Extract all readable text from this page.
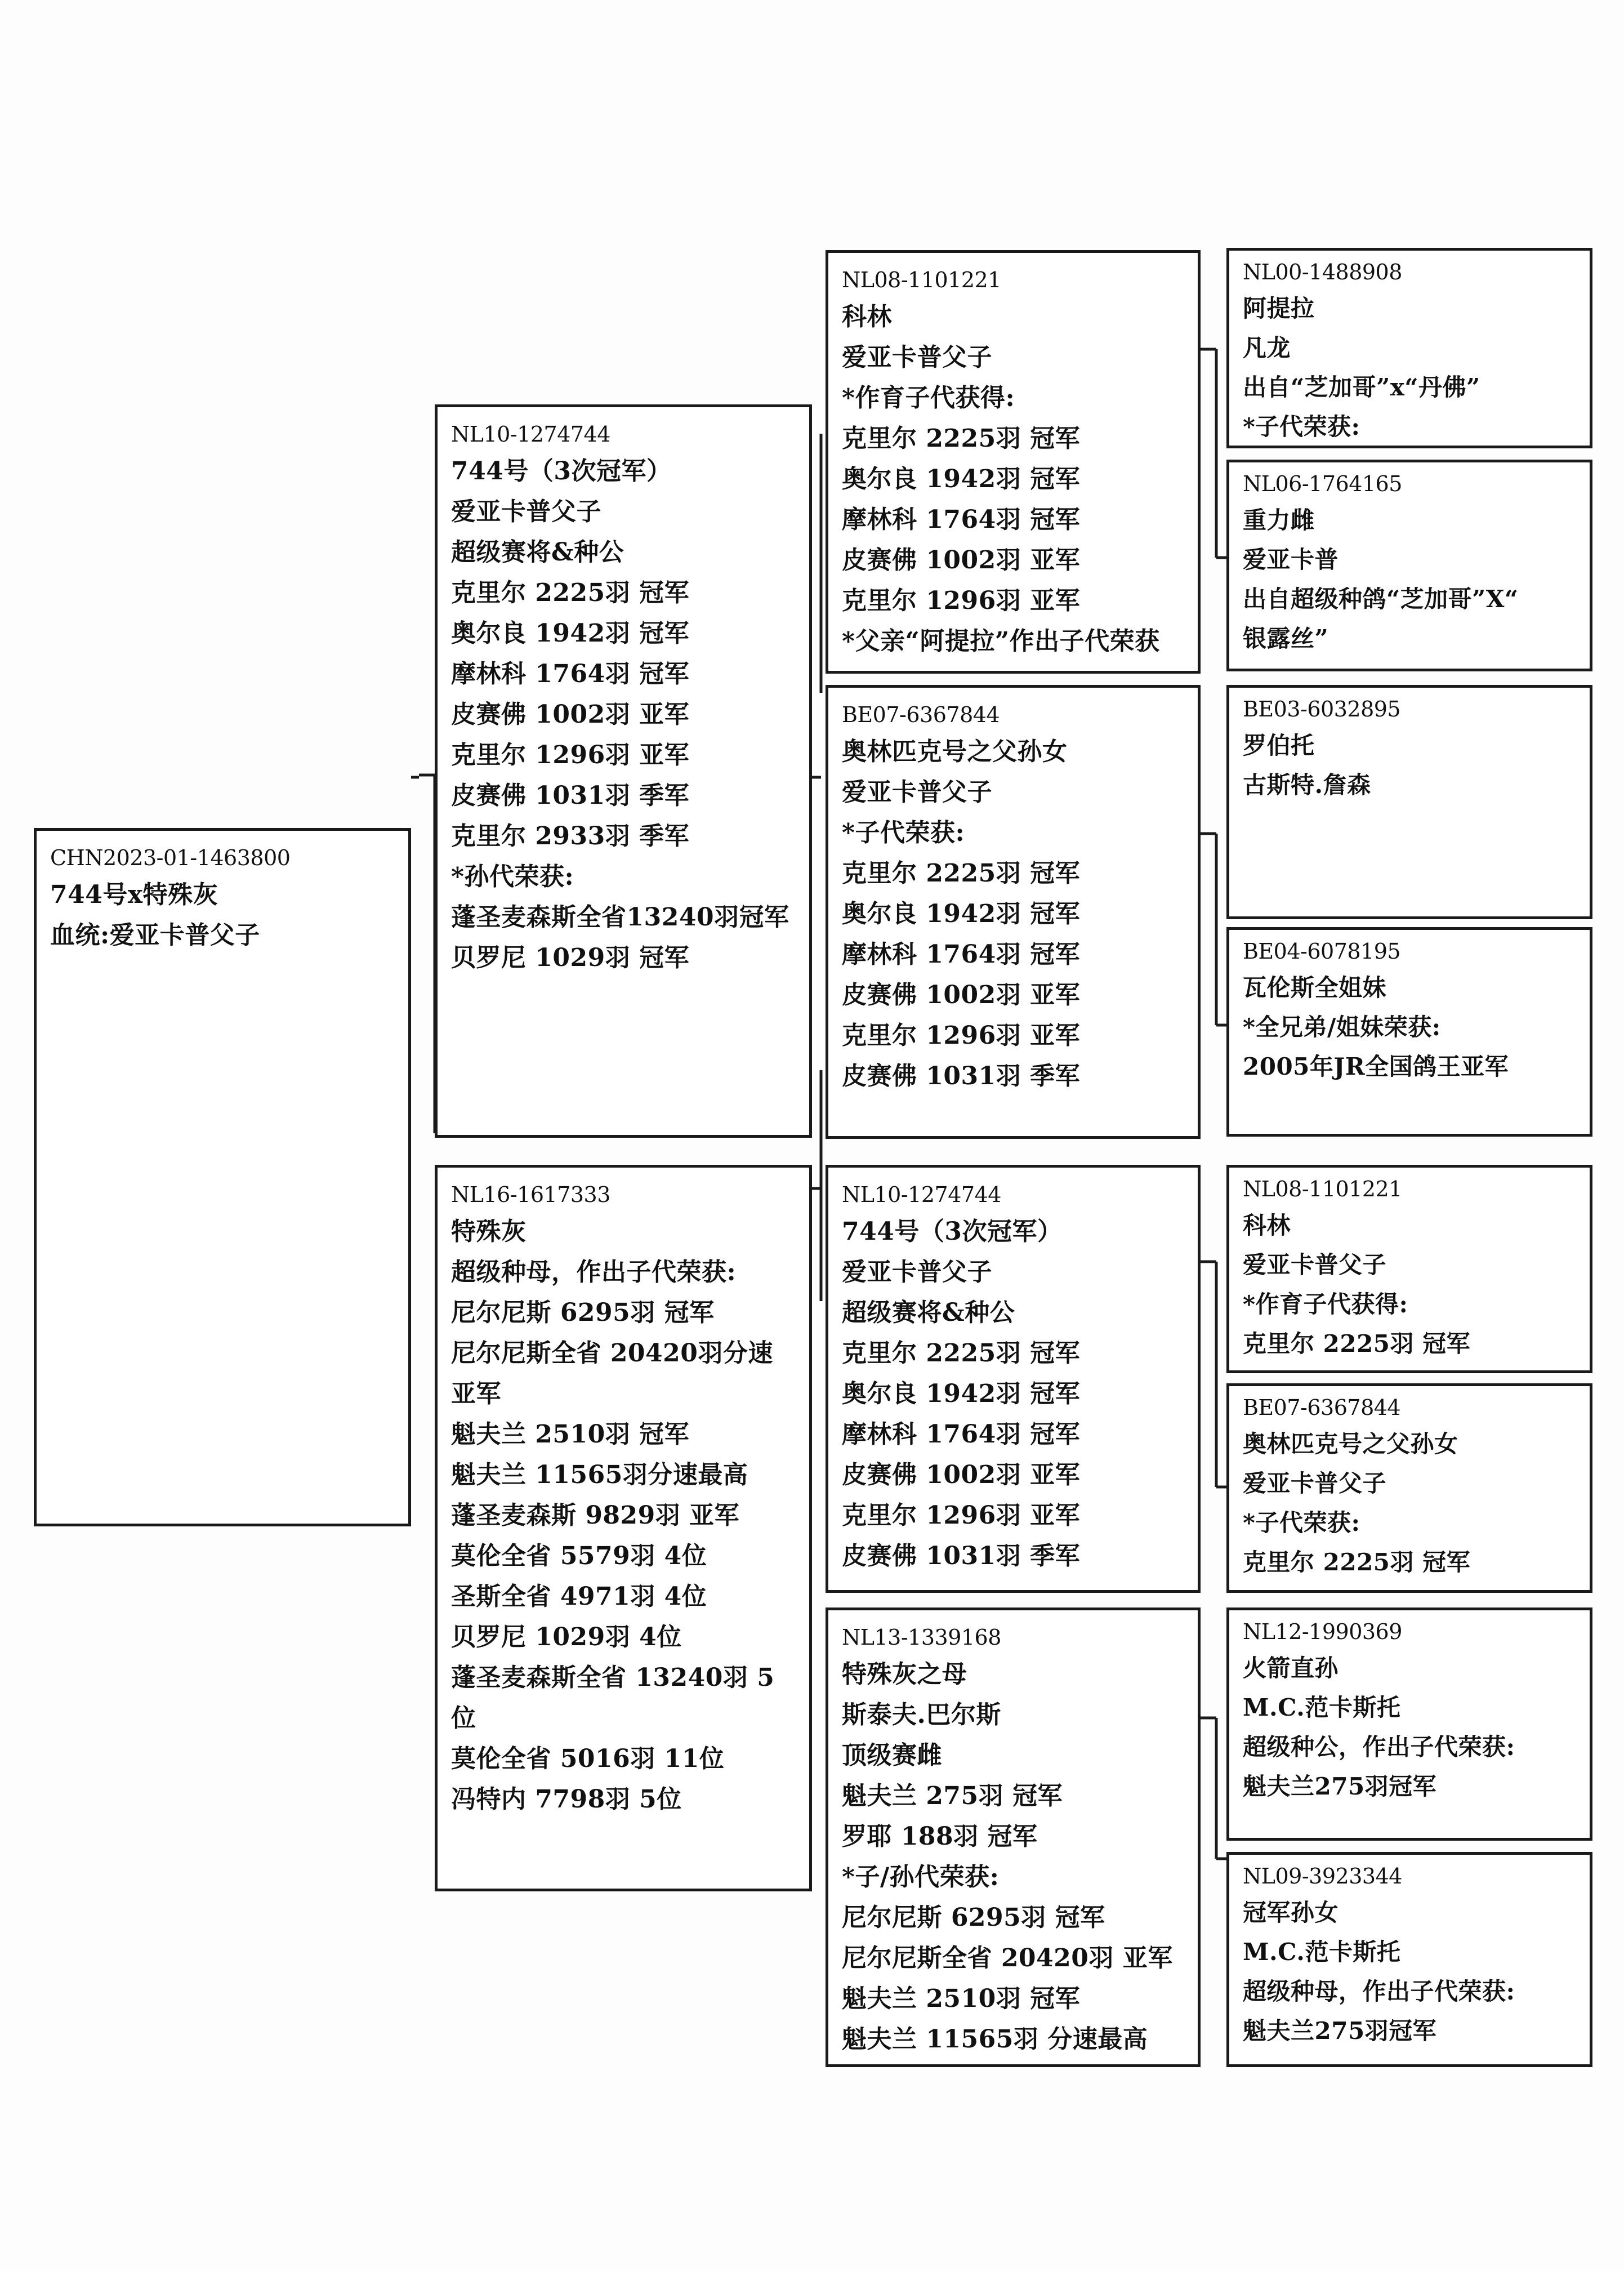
CHN2023-01-1463800
744号x特殊灰
血统:爱亚卡普父子
NL10-1274744
744号（3次冠军）
爱亚卡普父子
超级赛将&种公
克里尔 2225羽 冠军
奥尔良 1942羽 冠军
摩林科 1764羽 冠军
皮赛佛 1002羽 亚军
克里尔 1296羽 亚军
皮赛佛 1031羽 季军
克里尔 2933羽 季军
*孙代荣获:
蓬圣麦森斯全省13240羽冠军
贝罗尼 1029羽 冠军
NL16-1617333
特殊灰
超级种母，作出子代荣获:
尼尔尼斯 6295羽 冠军
尼尔尼斯全省 20420羽分速亚军
魁夫兰 2510羽 冠军
魁夫兰 11565羽分速最高
蓬圣麦森斯 9829羽 亚军
莫伦全省 5579羽 4位
圣斯全省 4971羽 4位
贝罗尼 1029羽 4位
蓬圣麦森斯全省 13240羽 5位
莫伦全省 5016羽 11位
冯特内 7798羽 5位
NL08-1101221
科林
爱亚卡普父子
*作育子代获得:
克里尔 2225羽 冠军
奥尔良 1942羽 冠军
摩林科 1764羽 冠军
皮赛佛 1002羽 亚军
克里尔 1296羽 亚军
*父亲“阿提拉”作出子代荣获
BE07-6367844
奥林匹克号之父孙女
爱亚卡普父子
*子代荣获:
克里尔 2225羽 冠军
奥尔良 1942羽 冠军
摩林科 1764羽 冠军
皮赛佛 1002羽 亚军
克里尔 1296羽 亚军
皮赛佛 1031羽 季军
NL10-1274744
744号（3次冠军）
爱亚卡普父子
超级赛将&种公
克里尔 2225羽 冠军
奥尔良 1942羽 冠军
摩林科 1764羽 冠军
皮赛佛 1002羽 亚军
克里尔 1296羽 亚军
皮赛佛 1031羽 季军
NL13-1339168
特殊灰之母
斯泰夫.巴尔斯
顶级赛雌
魁夫兰 275羽 冠军
罗耶 188羽 冠军
*子/孙代荣获:
尼尔尼斯 6295羽 冠军
尼尔尼斯全省 20420羽 亚军
魁夫兰 2510羽 冠军
魁夫兰 11565羽 分速最高
NL00-1488908
阿提拉
凡龙
出自“芝加哥”x“丹佛”
*子代荣获:
NL06-1764165
重力雌
爱亚卡普
出自超级种鸽“芝加哥”X“
银露丝”
BE03-6032895
罗伯托
古斯特.詹森
BE04-6078195
瓦伦斯全姐妹
*全兄弟/姐妹荣获:
2005年JR全国鸽王亚军
NL08-1101221
科林
爱亚卡普父子
*作育子代获得:
克里尔 2225羽 冠军
BE07-6367844
奥林匹克号之父孙女
爱亚卡普父子
*子代荣获:
克里尔 2225羽 冠军
NL12-1990369
火箭直孙
M.C.范卡斯托
超级种公，作出子代荣获:
魁夫兰275羽冠军
NL09-3923344
冠军孙女
M.C.范卡斯托
超级种母，作出子代荣获:
魁夫兰275羽冠军
